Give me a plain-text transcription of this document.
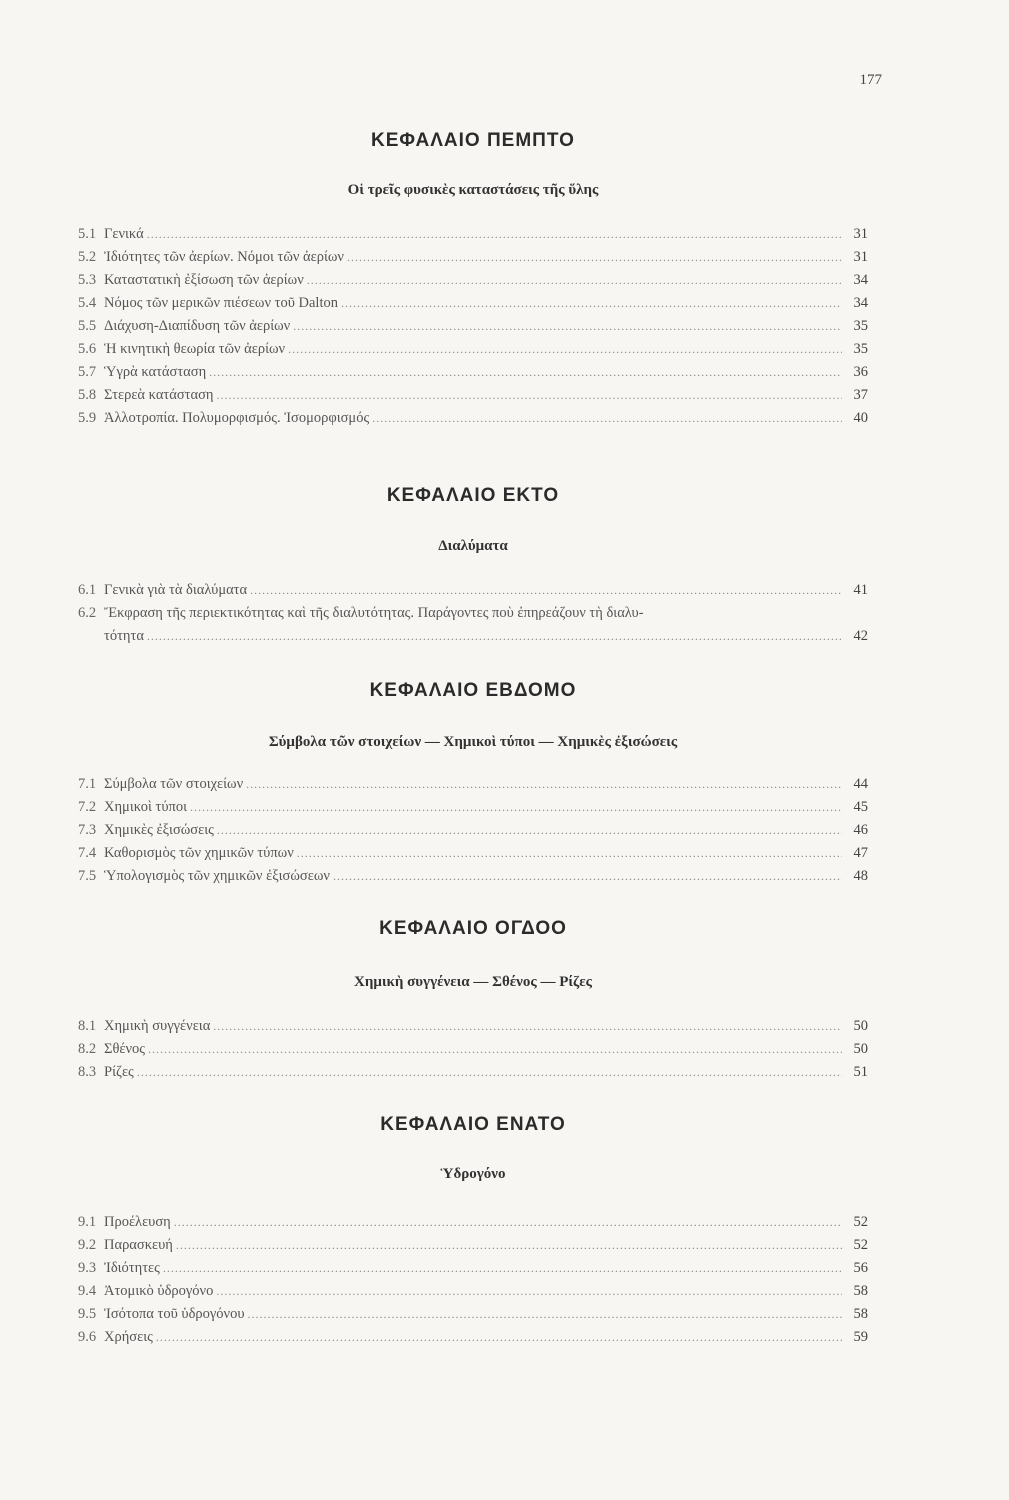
177
ΚΕΦΑΛΑΙΟ ΠΕΜΠΤΟ
Οἱ τρεῖς φυσικὲς καταστάσεις τῆς ὕλης
5.1 Γενικά .....	31
5.2 Ἰδιότητες τῶν ἀερίων. Νόμοι τῶν ἀερίων .....	31
5.3 Καταστατικὴ ἐξίσωση τῶν ἀερίων .....	34
5.4 Νόμος τῶν μερικῶν πιέσεων τοῦ Dalton .....	34
5.5 Διάχυση-Διαπίδυση τῶν ἀερίων .....	35
5.6 Ἡ κινητικὴ θεωρία τῶν ἀερίων .....	35
5.7 Ὑγρὰ κατάσταση .....	36
5.8 Στερεὰ κατάσταση .....	37
5.9 Ἀλλοτροπία. Πολυμορφισμός. Ἰσομορφισμός .....	40
ΚΕΦΑΛΑΙΟ ΕΚΤΟ
Διαλύματα
6.1 Γενικὰ γιὰ τὰ διαλύματα .....	41
6.2 Ἔκφραση τῆς περιεκτικότητας καὶ τῆς διαλυτότητας. Παράγοντες ποὺ ἐπηρεάζουν τὴ διαλυ-
τότητα .....	42
ΚΕΦΑΛΑΙΟ ΕΒΔΟΜΟ
Σύμβολα τῶν στοιχείων — Χημικοὶ τύποι — Χημικὲς ἐξισώσεις
7.1 Σύμβολα τῶν στοιχείων .....	44
7.2 Χημικοὶ τύποι .....	45
7.3 Χημικὲς ἐξισώσεις .....	46
7.4 Καθορισμὸς τῶν χημικῶν τύπων .....	47
7.5 Ὑπολογισμὸς τῶν χημικῶν ἐξισώσεων .....	48
ΚΕΦΑΛΑΙΟ ΟΓΔΟΟ
Χημικὴ συγγένεια — Σθένος — Ρίζες
8.1 Χημικὴ συγγένεια .....	50
8.2 Σθένος .....	50
8.3 Ρίζες .....	51
ΚΕΦΑΛΑΙΟ ΕΝΑΤΟ
Ὑδρογόνο
9.1 Προέλευση .....	52
9.2 Παρασκευή .....	52
9.3 Ἰδιότητες .....	56
9.4 Ἀτομικὸ ὑδρογόνο .....	58
9.5 Ἰσότοπα τοῦ ὑδρογόνου .....	58
9.6 Χρήσεις .....	59
